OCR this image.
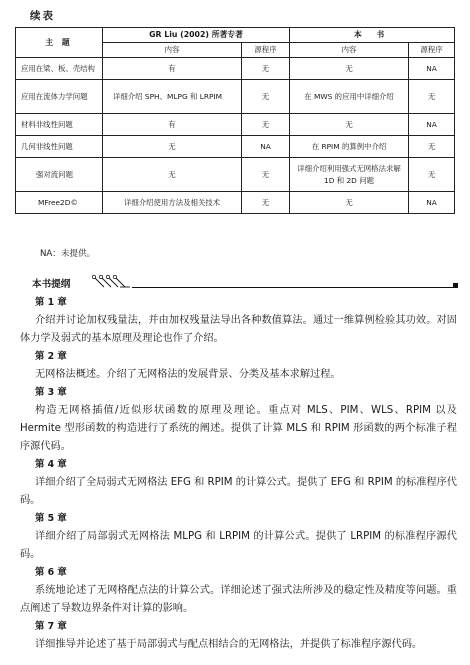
续表
主 题	GR Liu (2002) 所著专著		本 书	
	内容	源程序	内容	源程序
应用在梁、板、壳结构	有	无	无	NA
应用在流体力学问题	详细介绍 SPH、MLPG 和 LRPIM	无	在 MWS 的应用中详细介绍	无
材料非线性问题	有	无	无	NA
几何非线性问题	无	NA	在 RPIM 的算例中介绍	无
强对流问题	无	无	详细介绍利用强式无网格法求解 1D 和 2D 问题	无
MFree2D©	详细介绍使用方法及相关技术	无	无	NA
NA：未提供。
本书提纲

第 1 章

介绍并讨论加权残量法，并由加权残量法导出各种数值算法。通过一维算例检验其功效。对固体力学及弱式的基本原理及理论也作了介绍。

第 2 章

无网格法概述。介绍了无网格法的发展背景、分类及基本求解过程。

第 3 章

构造无网格插值/近似形状函数的原理及理论。重点对 MLS、PIM、WLS、RPIM 以及 Hermite 型形函数的构造进行了系统的阐述。提供了计算 MLS 和 RPIM 形函数的两个标准子程序源代码。

第 4 章

详细介绍了全局弱式无网格法 EFG 和 RPIM 的计算公式。提供了 EFG 和 RPIM 的标准程序代码。

第 5 章

详细介绍了局部弱式无网格法 MLPG 和 LRPIM 的计算公式。提供了 LRPIM 的标准程序源代码。

第 6 章

系统地论述了无网格配点法的计算公式。详细论述了强式法所涉及的稳定性及精度等问题。重点阐述了导数边界条件对计算的影响。

第 7 章

详细推导并论述了基于局部弱式与配点相结合的无网格法，并提供了标准程序源代码。
